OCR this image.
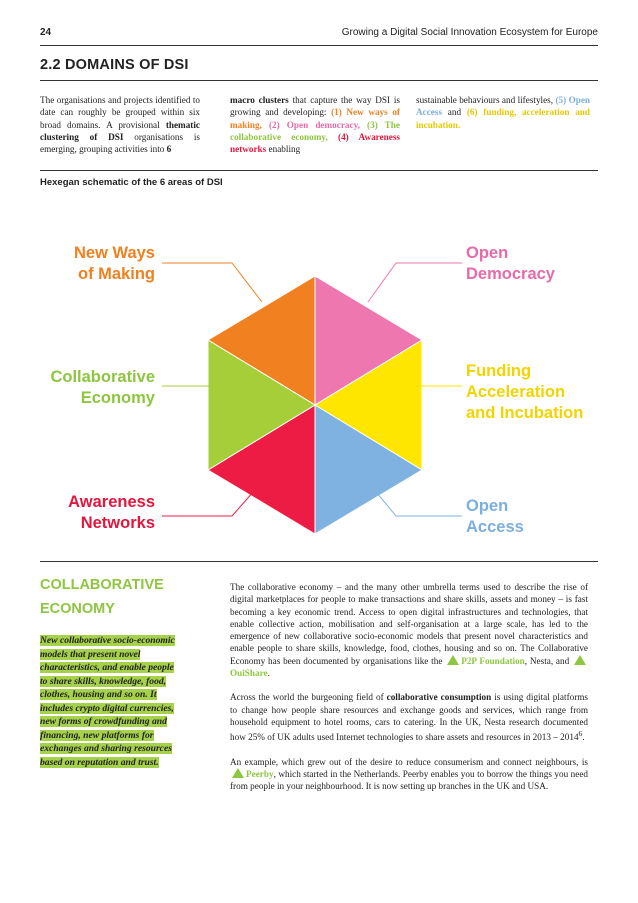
24	Growing a Digital Social Innovation Ecosystem for Europe
2.2 DOMAINS OF DSI
The organisations and projects identified to date can roughly be grouped within six broad domains. A provisional thematic clustering of DSI organisations is emerging, grouping activities into 6
macro clusters that capture the way DSI is growing and developing: (1) New ways of making, (2) Open democracy, (3) The collaborative economy, (4) Awareness networks enabling
sustainable behaviours and lifestyles, (5) Open Access and (6) funding, acceleration and incubation.
Hexegan schematic of the 6 areas of DSI
New Ways
of Making
Open
Democracy
Collaborative
Economy
Funding
Acceleration
and Incubation
Awareness
Networks
Open
Access
COLLABORATIVE
ECONOMY
New collaborative socio-economic
models that present novel
characteristics, and enable people
to share skills, knowledge, food,
clothes, housing and so on. It
includes crypto digital currencies,
new forms of crowdfunding and
financing, new platforms for
exchanges and sharing resources
based on reputation and trust.

The collaborative economy – and the many other umbrella terms used to describe the rise of digital marketplaces for people to make transactions and share skills, assets and money – is fast becoming a key economic trend. Access to open digital infrastructures and technologies, that enable collective action, mobilisation and self-organisation at a large scale, has led to the emergence of new collaborative socio-economic models that present novel characteristics and enable people to share skills, knowledge, food, clothes, housing and so on. The Collaborative Economy has been documented by organisations like the P2P Foundation, Nesta, and OuiShare.

Across the world the burgeoning field of collaborative consumption is using digital platforms to change how people share resources and exchange goods and services, which range from household equipment to hotel rooms, cars to catering. In the UK, Nesta research documented how 25% of UK adults used Internet technologies to share assets and resources in 2013 – 2014$^6$.

An example, which grew out of the desire to reduce consumerism and connect neighbours, is Peerby, which started in the Netherlands. Peerby enables you to borrow the things you need from people in your neighbourhood. It is now setting up branches in the UK and USA.
